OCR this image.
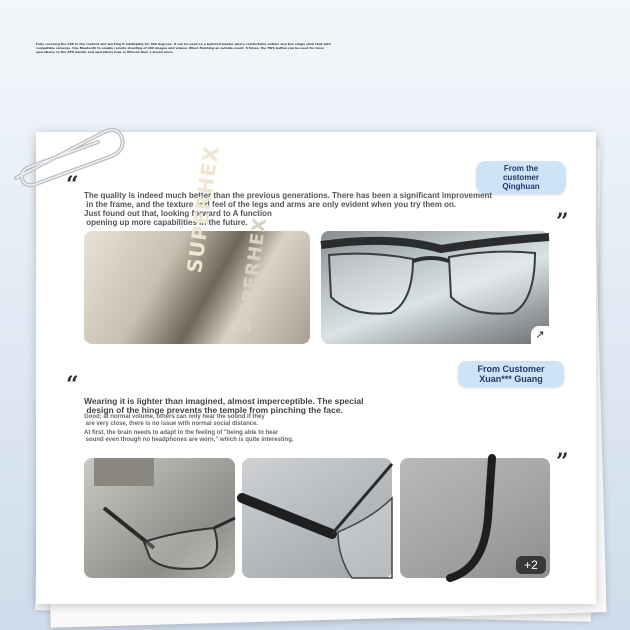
Fully covering the APP in the content and working it intelligibly for 360 degrees. If can be used on a bulleted handle where comfortable outline and two single stick that with compatible cameras. Use Bluetooth to enable remote shooting of still images and videos. When finishing an outside event, 5 times, the TWS button can be used for more operations; in the APP handle and operations help or filtered item 1 aimed more.
From the customer
Qinghuan
“
”
The quality is indeed much better than the previous generations. There has been a significant improvement
in the frame, and the texture and feel of the legs and arms are only evident when you try them on.
Just found out that, looking forward to A function
opening up more capabilities in the future.
SUPERHEX
SUPERHEX
↗
From Customer
Xuan*** Guang
“
”
Wearing it is lighter than imagined, almost imperceptible. The special
design of the hinge prevents the temple from pinching the face.
Good; at normal volume, others can only hear the sound if they
are very close, there is no issue with normal social distance.
At first, the brain needs to adapt to the feeling of "being able to hear
sound even though no headphones are worn," which is quite interesting.
+2
